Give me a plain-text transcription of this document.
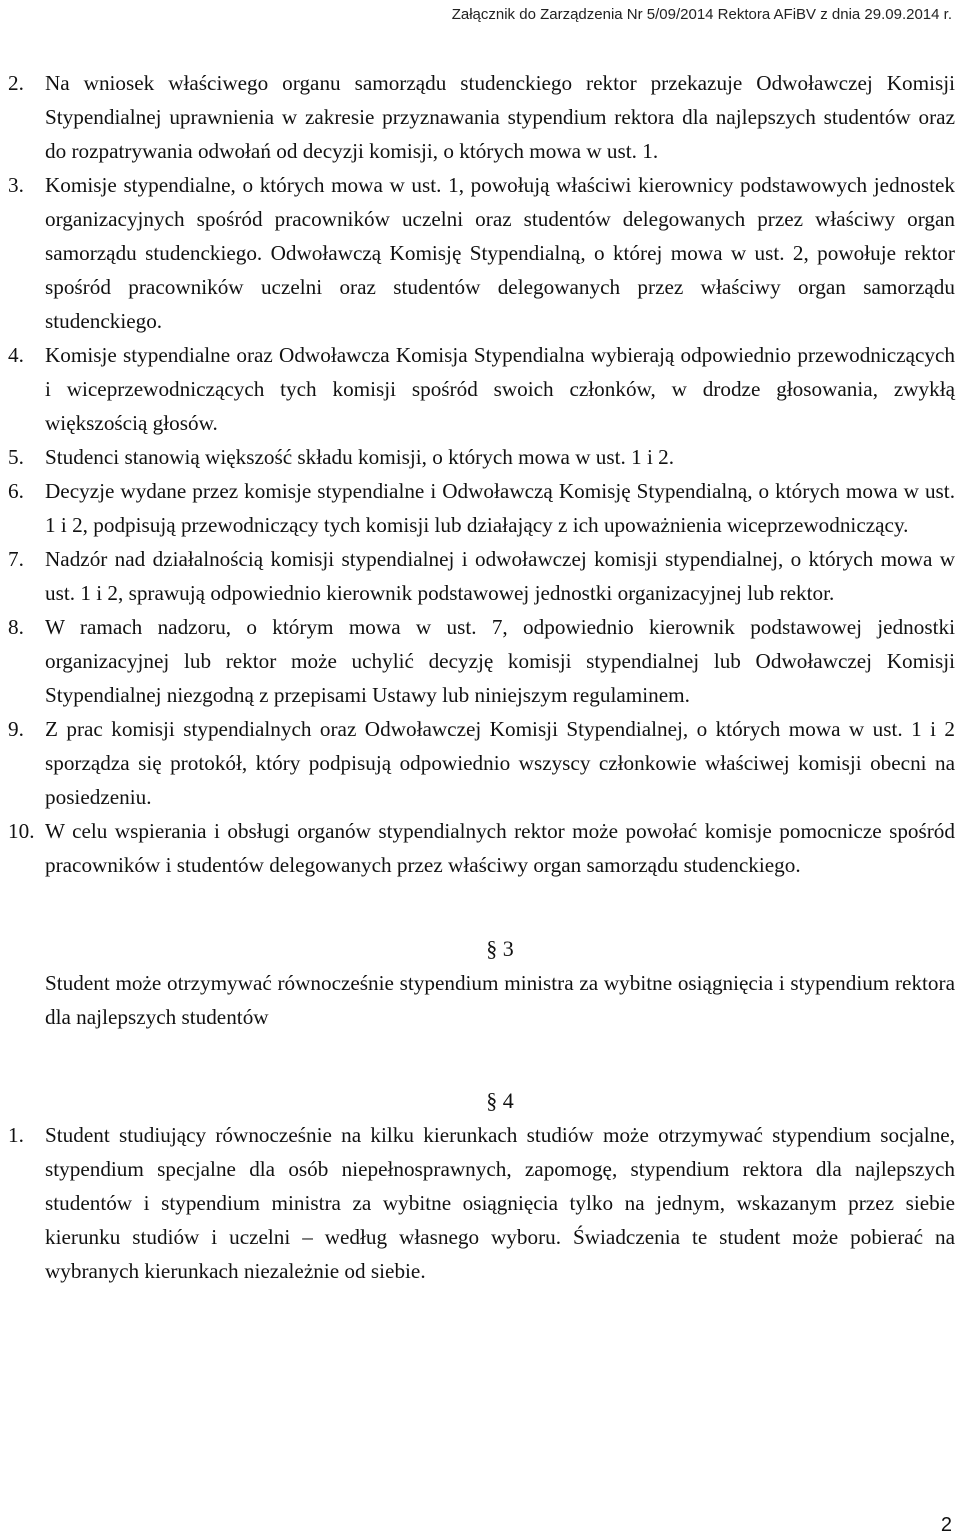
Załącznik do Zarządzenia Nr 5/09/2014 Rektora AFiBV z dnia 29.09.2014 r.
2. Na wniosek właściwego organu samorządu studenckiego rektor przekazuje Odwoławczej Komisji Stypendialnej uprawnienia w zakresie przyznawania stypendium rektora dla najlepszych studentów oraz do rozpatrywania odwołań od decyzji komisji, o których mowa w ust. 1.
3. Komisje stypendialne, o których mowa w ust. 1, powołują właściwi kierownicy podstawowych jednostek organizacyjnych spośród pracowników uczelni oraz studentów delegowanych przez właściwy organ samorządu studenckiego. Odwoławczą Komisję Stypendialną, o której mowa w ust. 2, powołuje rektor spośród pracowników uczelni oraz studentów delegowanych przez właściwy organ samorządu studenckiego.
4. Komisje stypendialne oraz Odwoławcza Komisja Stypendialna wybierają odpowiednio przewodniczących i wiceprzewodniczących tych komisji spośród swoich członków, w drodze głosowania, zwykłą większością głosów.
5. Studenci stanowią większość składu komisji, o których mowa w ust. 1 i 2.
6. Decyzje wydane przez komisje stypendialne i Odwoławczą Komisję Stypendialną, o których mowa w ust. 1 i 2, podpisują przewodniczący tych komisji lub działający z ich upoważnienia wiceprzewodniczący.
7. Nadzór nad działalnością komisji stypendialnej i odwoławczej komisji stypendialnej, o których mowa w ust. 1 i 2, sprawują odpowiednio kierownik podstawowej jednostki organizacyjnej lub rektor.
8. W ramach nadzoru, o którym mowa w ust. 7, odpowiednio kierownik podstawowej jednostki organizacyjnej lub rektor może uchylić decyzję komisji stypendialnej lub Odwoławczej Komisji Stypendialnej niezgodną z przepisami Ustawy lub niniejszym regulaminem.
9. Z prac komisji stypendialnych oraz Odwoławczej Komisji Stypendialnej, o których mowa w ust. 1 i 2 sporządza się protokół, który podpisują odpowiednio wszyscy członkowie właściwej komisji obecni na posiedzeniu.
10. W celu wspierania i obsługi organów stypendialnych rektor może powołać komisje pomocnicze spośród pracowników i studentów delegowanych przez właściwy organ samorządu studenckiego.
§ 3
Student może otrzymywać równocześnie stypendium ministra za wybitne osiągnięcia i stypendium rektora dla najlepszych studentów
§ 4
1. Student studiujący równocześnie na kilku kierunkach studiów może otrzymywać stypendium socjalne, stypendium specjalne dla osób niepełnosprawnych, zapomogę, stypendium rektora dla najlepszych studentów i stypendium ministra za wybitne osiągnięcia tylko na jednym, wskazanym przez siebie kierunku studiów i uczelni – według własnego wyboru. Świadczenia te student może pobierać na wybranych kierunkach niezależnie od siebie.
2
